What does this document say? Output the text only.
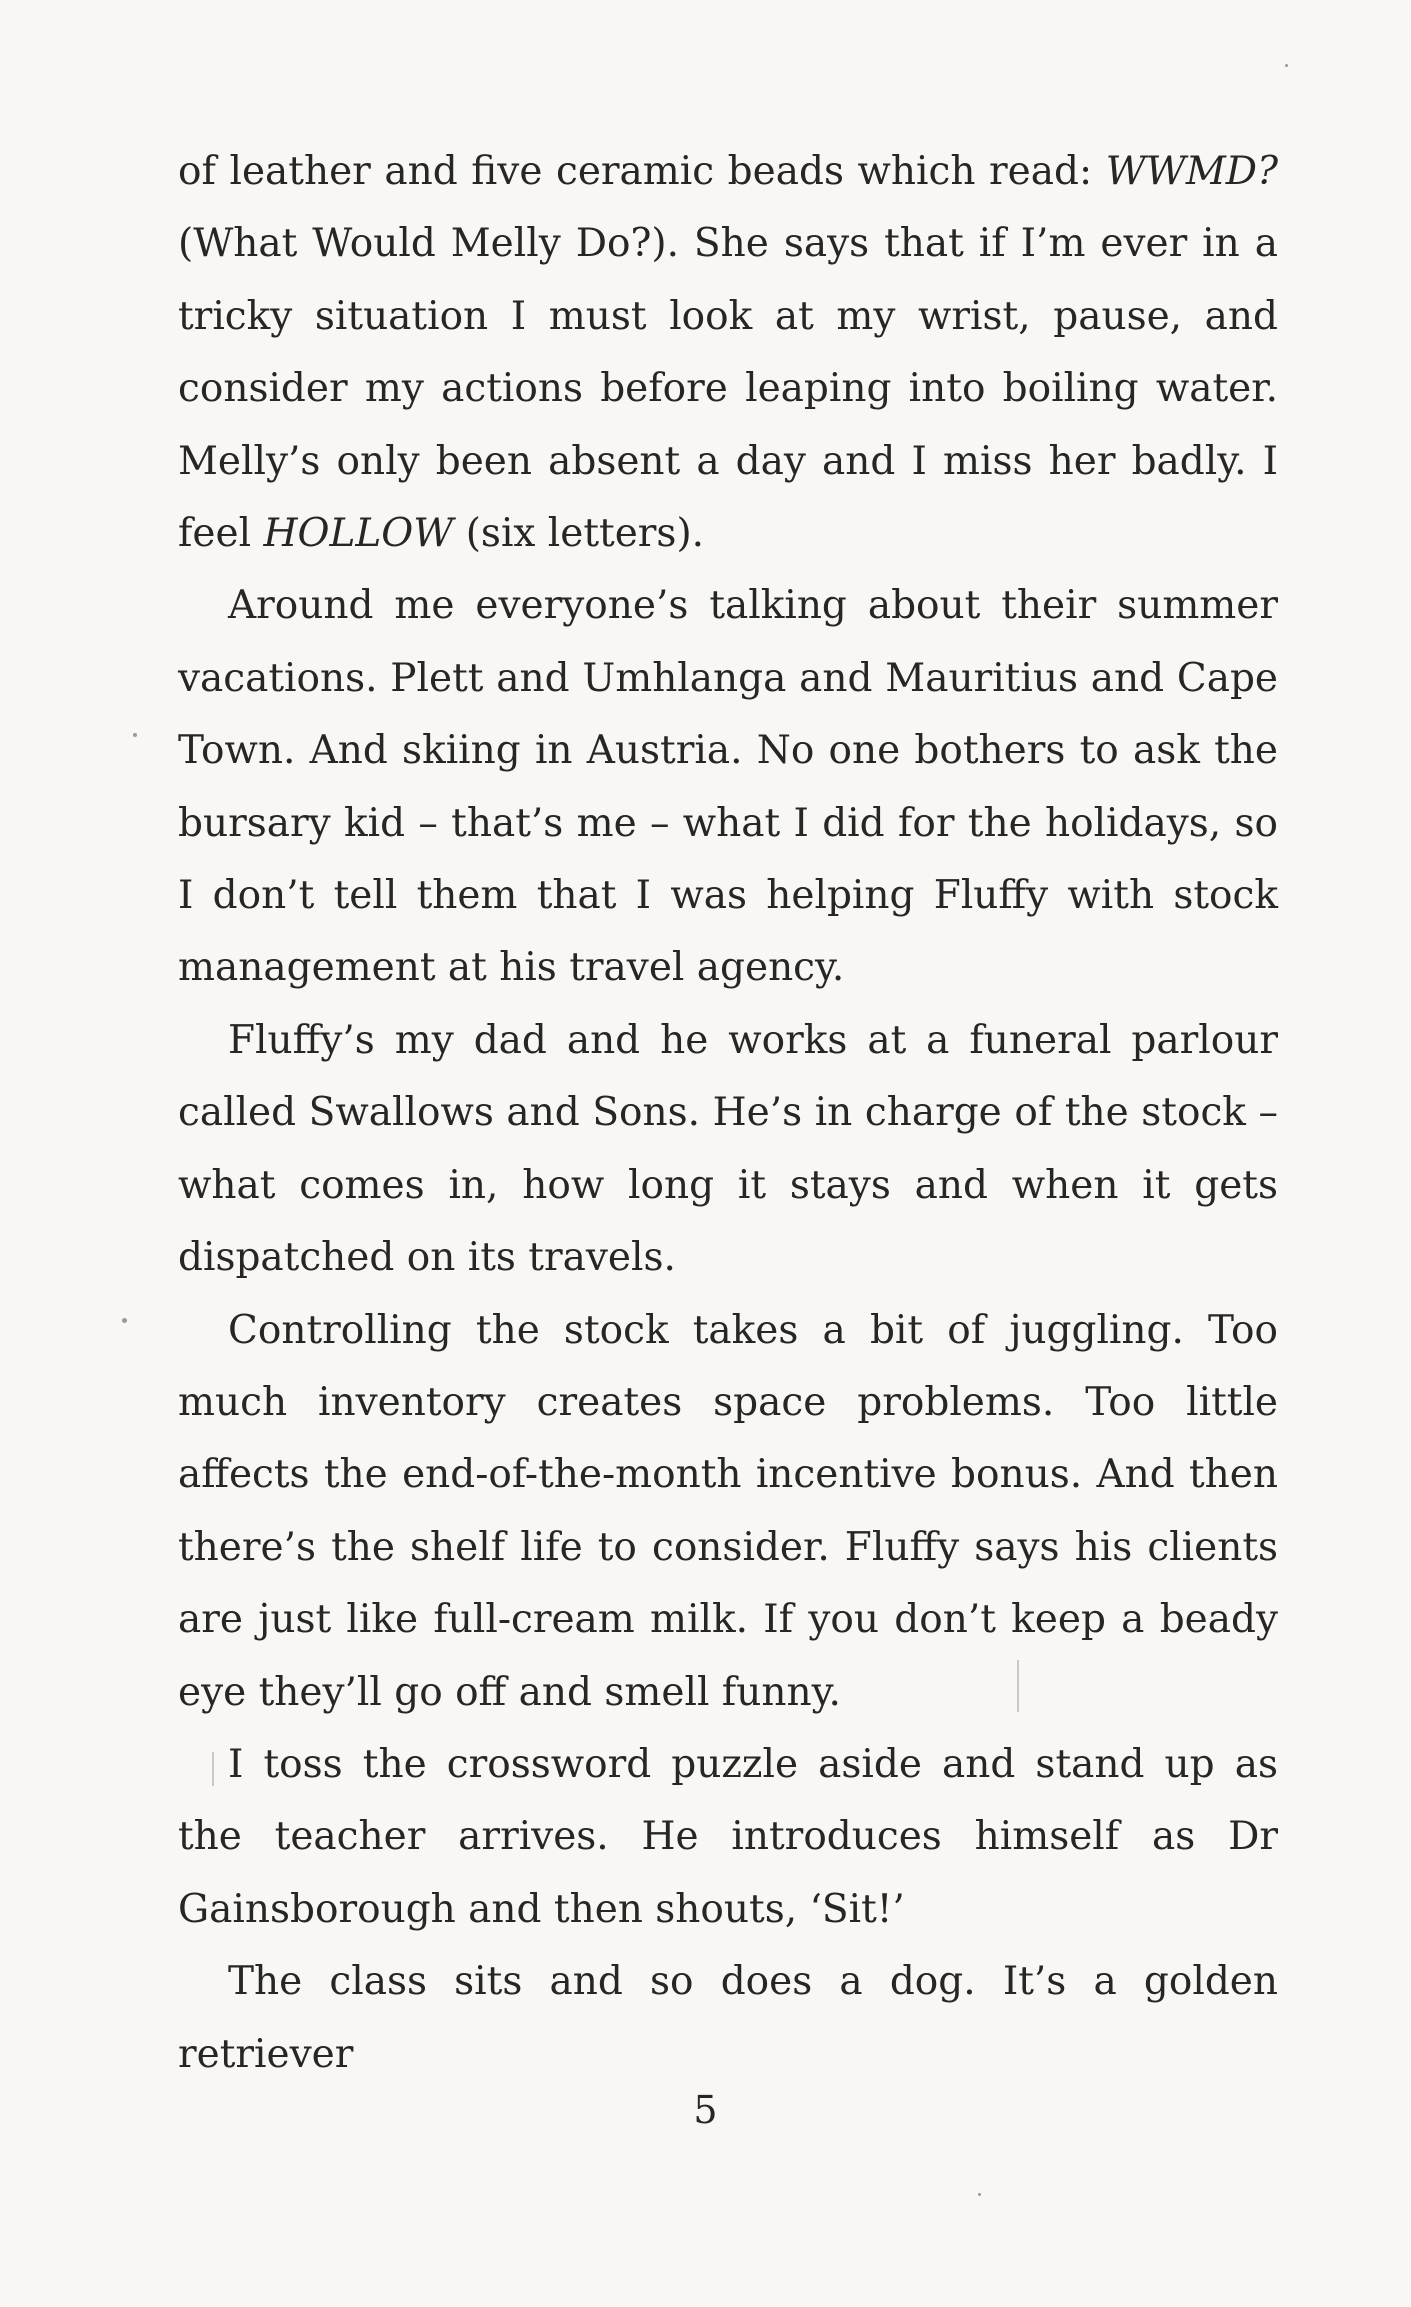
of leather and five ceramic beads which read: WWMD? (What Would Melly Do?). She says that if I’m ever in a tricky situation I must look at my wrist, pause, and consider my actions before leaping into boiling water. Melly’s only been absent a day and I miss her badly. I feel HOLLOW (six letters).

Around me everyone’s talking about their summer vacations. Plett and Umhlanga and Mauritius and Cape Town. And skiing in Austria. No one bothers to ask the bursary kid – that’s me – what I did for the holidays, so I don’t tell them that I was helping Fluffy with stock management at his travel agency.

Fluffy’s my dad and he works at a funeral parlour called Swallows and Sons. He’s in charge of the stock – what comes in, how long it stays and when it gets dispatched on its travels.

Controlling the stock takes a bit of juggling. Too much inventory creates space problems. Too little affects the end-of-the-month incentive bonus. And then there’s the shelf life to consider. Fluffy says his clients are just like full-cream milk. If you don’t keep a beady eye they’ll go off and smell funny.

I toss the crossword puzzle aside and stand up as the teacher arrives. He introduces himself as Dr Gainsborough and then shouts, ‘Sit!’

The class sits and so does a dog. It’s a golden retriever

5
